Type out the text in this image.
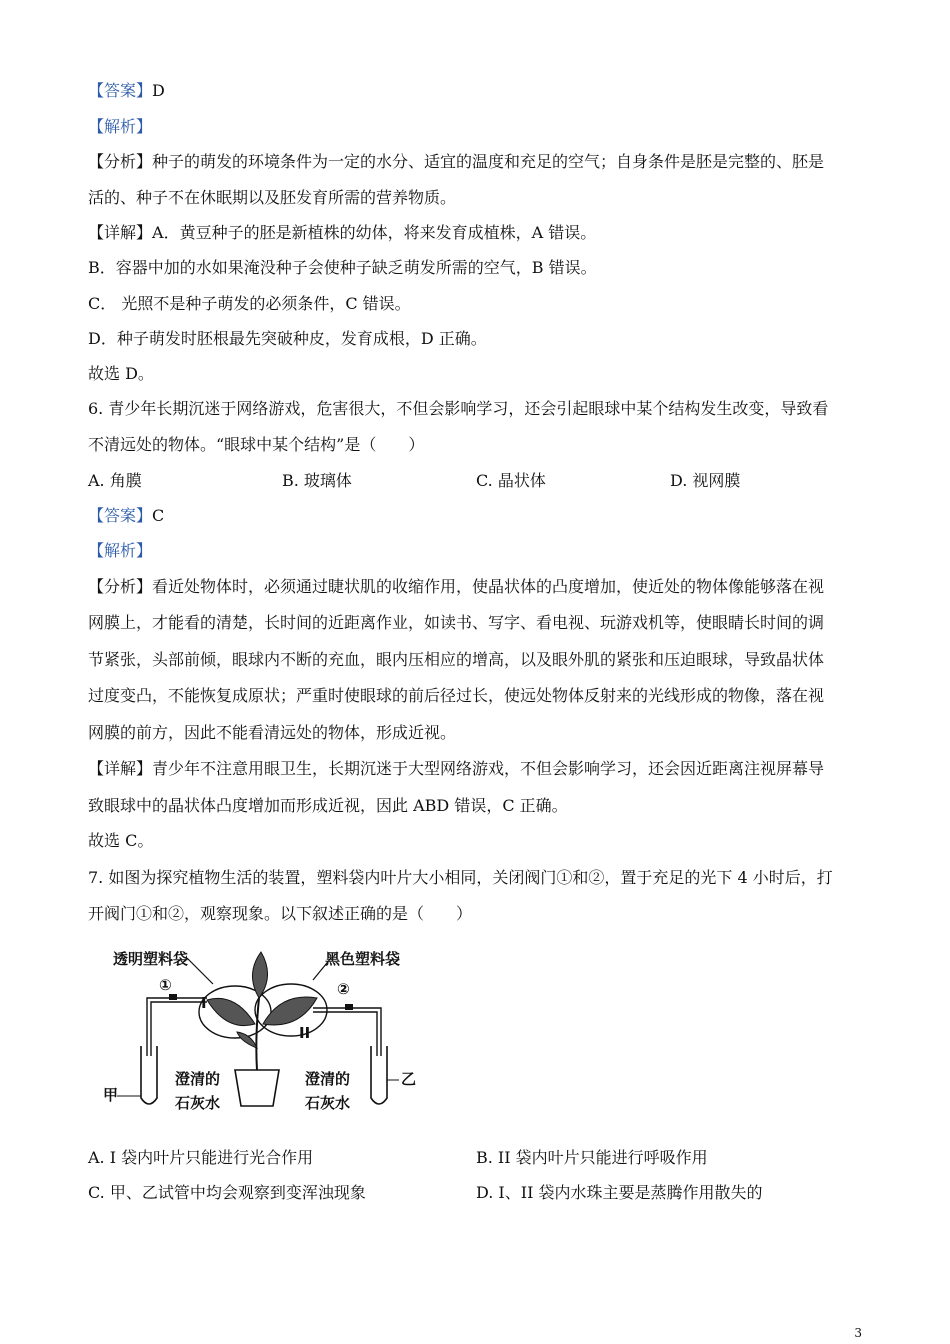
【答案】D
【解析】
【分析】种子的萌发的环境条件为一定的水分、适宜的温度和充足的空气；自身条件是胚是完整的、胚是
活的、种子不在休眠期以及胚发育所需的营养物质。
【详解】A．黄豆种子的胚是新植株的幼体，将来发育成植株，A 错误。
B．容器中加的水如果淹没种子会使种子缺乏萌发所需的空气，B 错误。
C． 光照不是种子萌发的必须条件，C 错误。
D．种子萌发时胚根最先突破种皮，发育成根，D 正确。
故选 D。
6. 青少年长期沉迷于网络游戏，危害很大，不但会影响学习，还会引起眼球中某个结构发生改变，导致看
不清远处的物体。“眼球中某个结构”是（　　）
A. 角膜	B. 玻璃体	C. 晶状体	D. 视网膜
【答案】C
【解析】
【分析】看近处物体时，必须通过睫状肌的收缩作用，使晶状体的凸度增加，使近处的物体像能够落在视
网膜上，才能看的清楚，长时间的近距离作业，如读书、写字、看电视、玩游戏机等，使眼睛长时间的调
节紧张，头部前倾，眼球内不断的充血，眼内压相应的增高，以及眼外肌的紧张和压迫眼球，导致晶状体
过度变凸，不能恢复成原状；严重时使眼球的前后径过长，使远处物体反射来的光线形成的物像，落在视
网膜的前方，因此不能看清远处的物体，形成近视。
【详解】青少年不注意用眼卫生，长期沉迷于大型网络游戏，不但会影响学习，还会因近距离注视屏幕导
致眼球中的晶状体凸度增加而形成近视，因此 ABD 错误，C 正确。
故选 C。
7. 如图为探究植物生活的装置，塑料袋内叶片大小相同，关闭阀门①和②，置于充足的光下 4 小时后，打
开阀门①和②，观察现象。以下叙述正确的是（　　）
透明塑料袋	黑色塑料袋
①	②
甲
乙
澄清的
石灰水
澄清的
石灰水
I
II
A. I 袋内叶片只能进行光合作用	B. II 袋内叶片只能进行呼吸作用
C. 甲、乙试管中均会观察到变浑浊现象	D. I、II 袋内水珠主要是蒸腾作用散失的
3
